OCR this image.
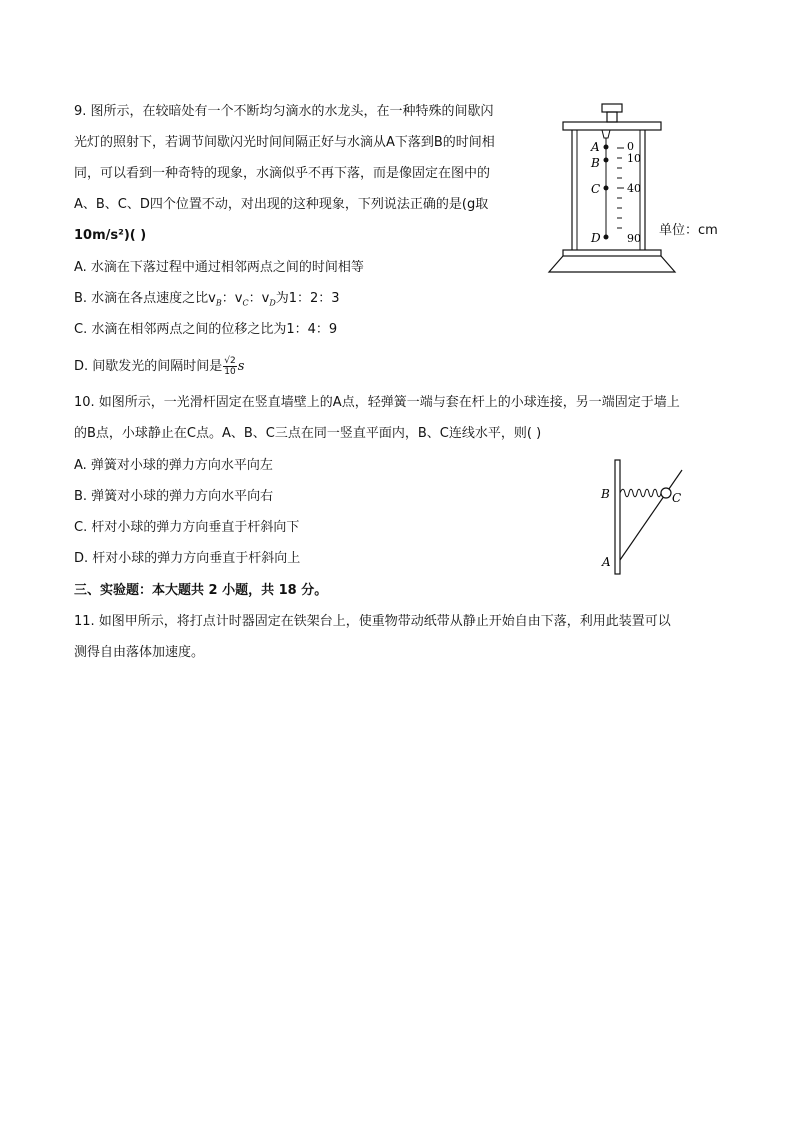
9. 图所示，在较暗处有一个不断均匀滴水的水龙头，在一种特殊的间歇闪
光灯的照射下，若调节间歇闪光时间间隔正好与水滴从A下落到B的时间相
同，可以看到一种奇特的现象，水滴似乎不再下落，而是像固定在图中的
A、B、C、D四个位置不动，对出现的这种现象，下列说法正确的是(g取
10m/s²)( )
A. 水滴在下落过程中通过相邻两点之间的时间相等
B. 水滴在各点速度之比$v_B$：$v_C$：$v_D$为1：2：3
C. 水滴在相邻两点之间的位移之比为1：4：9
D. 间歇发光的间隔时间是 $\frac{√2}{10}$ s
A
B
C
D
0
10
40
90
单位：cm
10. 如图所示，一光滑杆固定在竖直墙壁上的A点，轻弹簧一端与套在杆上的小球连接，另一端固定于墙上
的B点，小球静止在C点。A、B、C三点在同一竖直平面内，B、C连线水平，则( )
A. 弹簧对小球的弹力方向水平向左
B. 弹簧对小球的弹力方向水平向右
C. 杆对小球的弹力方向垂直于杆斜向下
D. 杆对小球的弹力方向垂直于杆斜向上
B	C
A
三、实验题：本大题共 2 小题，共 18 分。
11. 如图甲所示，将打点计时器固定在铁架台上，使重物带动纸带从静止开始自由下落，利用此装置可以
测得自由落体加速度。
